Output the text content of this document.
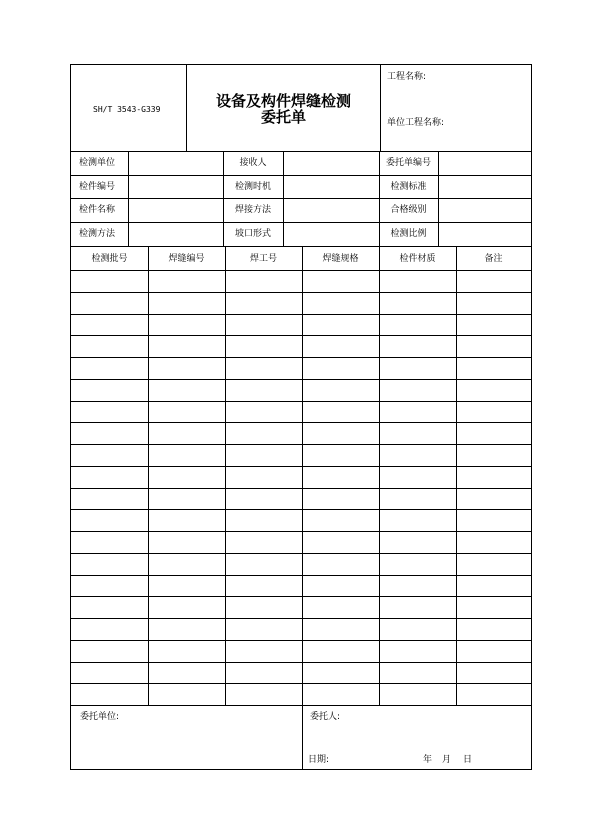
SH/T 3543-G339	设备及构件焊缝检测
委托单
工程名称:
单位工程名称:
检测单位	接收人	委托单编号
检件编号	检测时机	检测标准
检件名称	焊接方法	合格级别
检测方法	坡口形式	检测比例
检测批号	焊缝编号	焊工号	焊缝规格	检件材质	备注
委托单位:	委托人:
日期:	年 月 日
